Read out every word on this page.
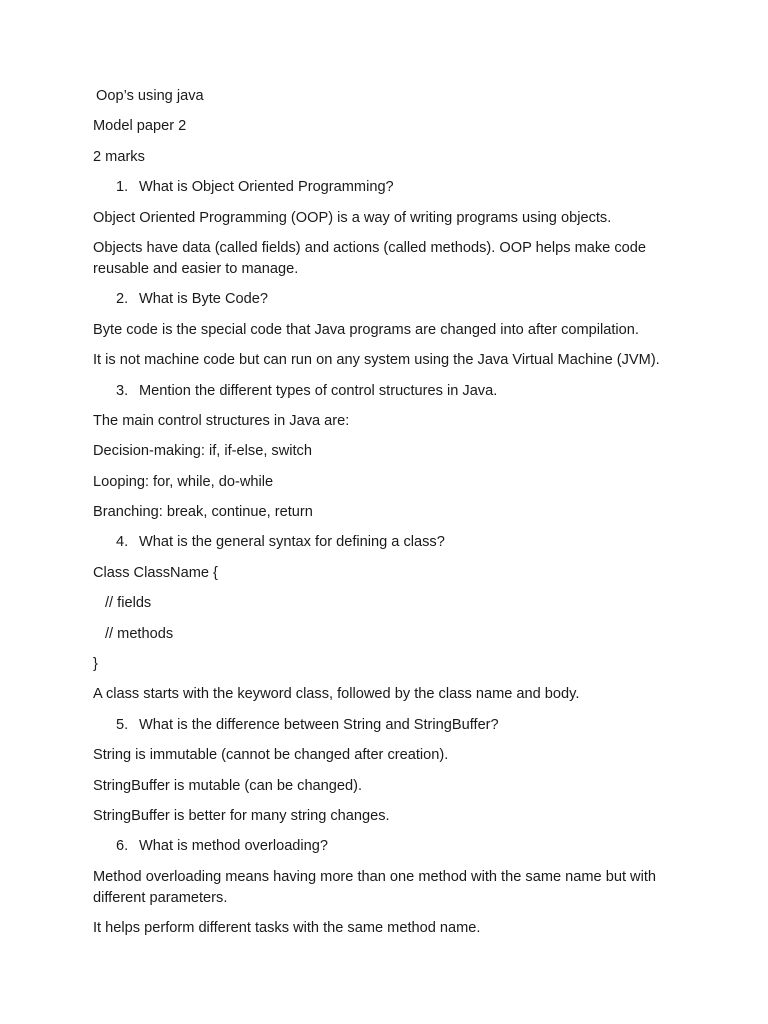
Oop’s using java
Model paper 2
2 marks
1. What is Object Oriented Programming?
Object Oriented Programming (OOP) is a way of writing programs using objects.
Objects have data (called fields) and actions (called methods). OOP helps make code reusable and easier to manage.
2. What is Byte Code?
Byte code is the special code that Java programs are changed into after compilation.
It is not machine code but can run on any system using the Java Virtual Machine (JVM).
3. Mention the different types of control structures in Java.
The main control structures in Java are:
Decision-making: if, if-else, switch
Looping: for, while, do-while
Branching: break, continue, return
4. What is the general syntax for defining a class?
Class ClassName {
// fields
// methods
}
A class starts with the keyword class, followed by the class name and body.
5. What is the difference between String and StringBuffer?
String is immutable (cannot be changed after creation).
StringBuffer is mutable (can be changed).
StringBuffer is better for many string changes.
6. What is method overloading?
Method overloading means having more than one method with the same name but with different parameters.
It helps perform different tasks with the same method name.
